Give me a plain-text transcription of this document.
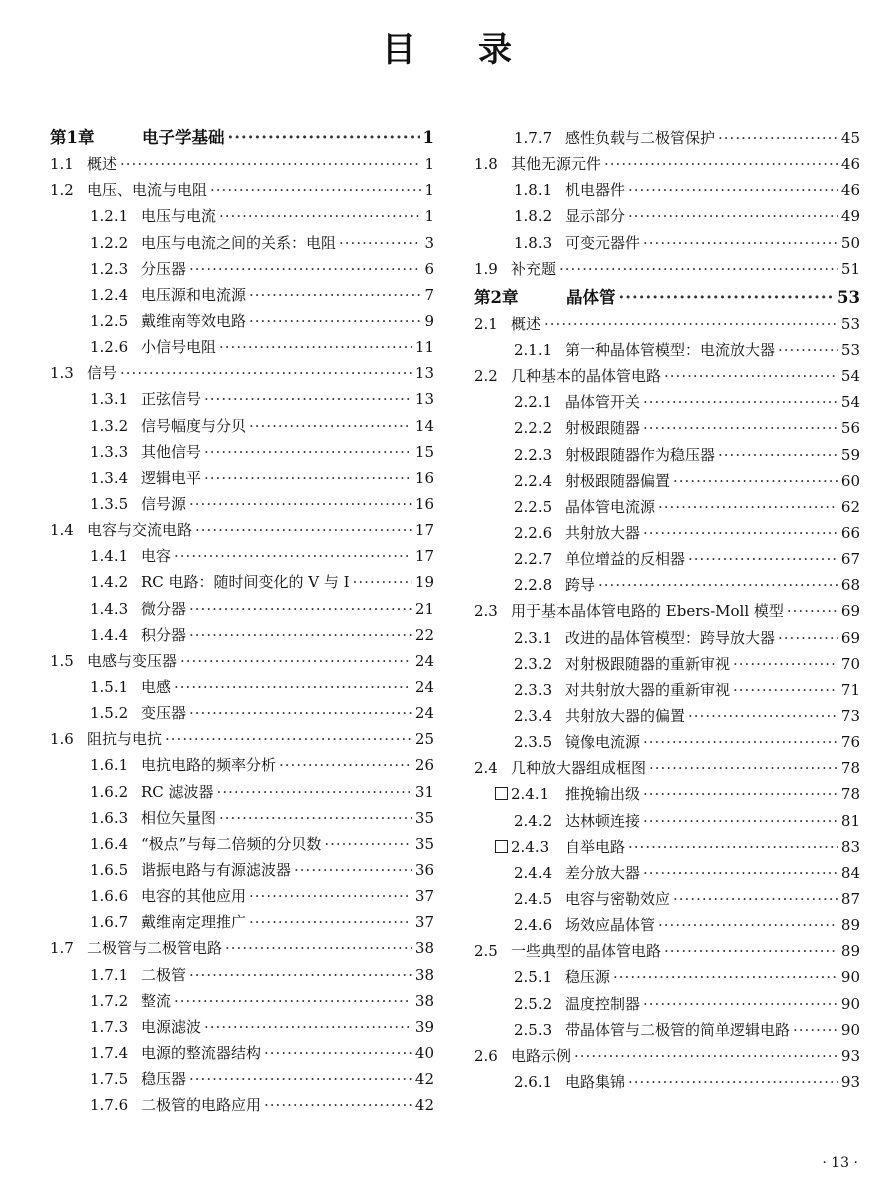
目 录
第1章	电子学基础 ·····	1
1.1 概述 ·····	1
1.2 电压、电流与电阻 ·····	1
1.2.1 电压与电流 ·····	1
1.2.2 电压与电流之间的关系：电阻 ·····	3
1.2.3 分压器 ·····	6
1.2.4 电压源和电流源 ·····	7
1.2.5 戴维南等效电路 ·····	9
1.2.6 小信号电阻 ·····	11
1.3 信号 ·····	13
1.3.1 正弦信号 ·····	13
1.3.2 信号幅度与分贝 ·····	14
1.3.3 其他信号 ·····	15
1.3.4 逻辑电平 ·····	16
1.3.5 信号源 ·····	16
1.4 电容与交流电路 ·····	17
1.4.1 电容 ·····	17
1.4.2 RC 电路：随时间变化的 V 与 I ·····	19
1.4.3 微分器 ·····	21
1.4.4 积分器 ·····	22
1.5 电感与变压器 ·····	24
1.5.1 电感 ·····	24
1.5.2 变压器 ·····	24
1.6 阻抗与电抗 ·····	25
1.6.1 电抗电路的频率分析 ·····	26
1.6.2 RC 滤波器 ·····	31
1.6.3 相位矢量图 ·····	35
1.6.4 “极点”与每二倍频的分贝数 ·····	35
1.6.5 谐振电路与有源滤波器 ·····	36
1.6.6 电容的其他应用 ·····	37
1.6.7 戴维南定理推广 ·····	37
1.7 二极管与二极管电路 ·····	38
1.7.1 二极管 ·····	38
1.7.2 整流 ·····	38
1.7.3 电源滤波 ·····	39
1.7.4 电源的整流器结构 ·····	40
1.7.5 稳压器 ·····	42
1.7.6 二极管的电路应用 ·····	42
1.7.7 感性负载与二极管保护 ·····	45
1.8 其他无源元件 ·····	46
1.8.1 机电器件 ·····	46
1.8.2 显示部分 ·····	49
1.8.3 可变元器件 ·····	50
1.9 补充题 ·····	51
第2章	晶体管 ·····	53
2.1 概述 ·····	53
2.1.1 第一种晶体管模型：电流放大器 ·····	53
2.2 几种基本的晶体管电路 ·····	54
2.2.1 晶体管开关 ·····	54
2.2.2 射极跟随器 ·····	56
2.2.3 射极跟随器作为稳压器 ·····	59
2.2.4 射极跟随器偏置 ·····	60
2.2.5 晶体管电流源 ·····	62
2.2.6 共射放大器 ·····	66
2.2.7 单位增益的反相器 ·····	67
2.2.8 跨导 ·····	68
2.3 用于基本晶体管电路的 Ebers-Moll 模型 ·····	69
2.3.1 改进的晶体管模型：跨导放大器 ·····	69
2.3.2 对射极跟随器的重新审视 ·····	70
2.3.3 对共射放大器的重新审视 ·····	71
2.3.4 共射放大器的偏置 ·····	73
2.3.5 镜像电流源 ·····	76
2.4 几种放大器组成框图 ·····	78
2.4.1	推挽输出级 ·····	78
2.4.2 达林顿连接 ·····	81
2.4.3	自举电路 ·····	83
2.4.4 差分放大器 ·····	84
2.4.5 电容与密勒效应 ·····	87
2.4.6 场效应晶体管 ·····	89
2.5 一些典型的晶体管电路 ·····	89
2.5.1 稳压源 ·····	90
2.5.2 温度控制器 ·····	90
2.5.3 带晶体管与二极管的简单逻辑电路 ·····	90
2.6 电路示例 ·····	93
2.6.1 电路集锦 ·····	93
· 13 ·
